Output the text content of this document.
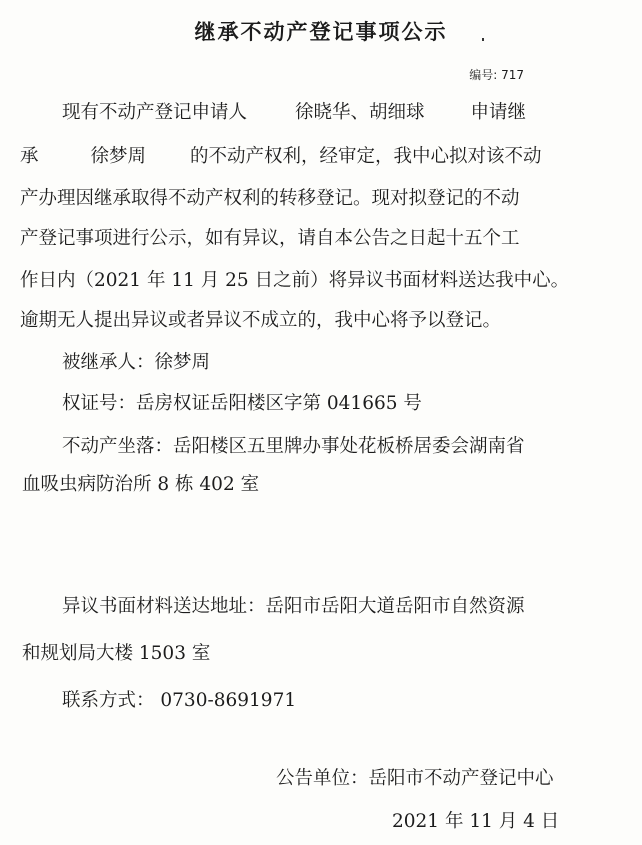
继承不动产登记事项公示
编号: 717
现有不动产登记申请人	徐晓华、胡细球 申请继
承	徐梦周 的不动产权利，经审定，我中心拟对该不动
产办理因继承取得不动产权利的转移登记。现对拟登记的不动
产登记事项进行公示，如有异议，请自本公告之日起十五个工
作日内（2021 年 11 月 25 日之前）将异议书面材料送达我中心。
逾期无人提出异议或者异议不成立的，我中心将予以登记。
被继承人：徐梦周
权证号：岳房权证岳阳楼区字第 041665 号
不动产坐落：岳阳楼区五里牌办事处花板桥居委会湖南省
血吸虫病防治所 8 栋 402 室
异议书面材料送达地址：岳阳市岳阳大道岳阳市自然资源
和规划局大楼 1503 室
联系方式： 0730-8691971
公告单位：岳阳市不动产登记中心
2021 年 11 月 4 日
